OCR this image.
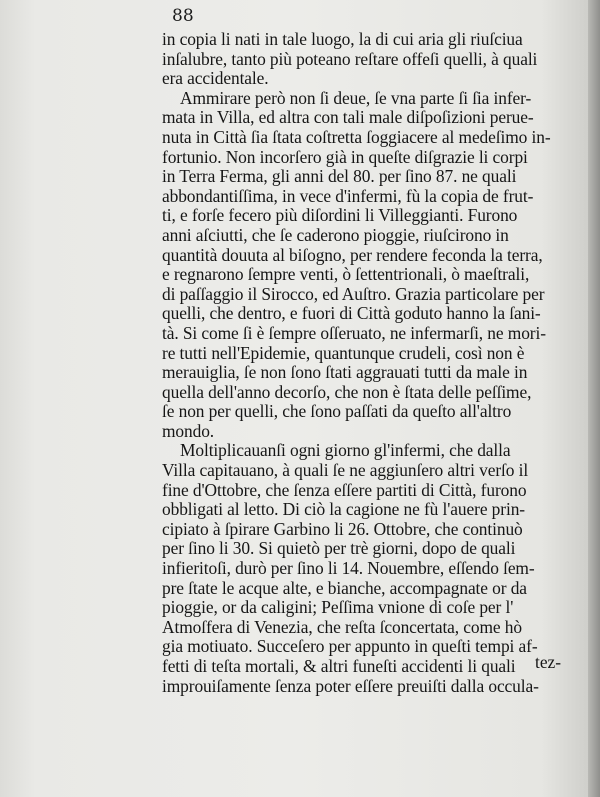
88
in copia li nati in tale luogo, la di cui aria gli riuſciua
inſalubre, tanto più poteano reſtare offeſi quelli, à quali
era accidentale.
Ammirare però non ſi deue, ſe vna parte ſi ſia infer-
mata in Villa, ed altra con tali male diſpoſizioni perue-
nuta in Città ſia ſtata coſtretta ſoggiacere al medeſimo in-
fortunio. Non incorſero già in queſte diſgrazie li corpi
in Terra Ferma, gli anni del 80. per ſino 87. ne quali
abbondantiſſima, in vece d'infermi, fù la copia de frut-
ti, e forſe fecero più diſordini li Villeggianti. Furono
anni aſciutti, che ſe caderono pioggie, riuſcirono in
quantità douuta al biſogno, per rendere feconda la terra,
e regnarono ſempre venti, ò ſettentrionali, ò maeſtrali,
di paſſaggio il Sirocco, ed Auſtro. Grazia particolare per
quelli, che dentro, e fuori di Città goduto hanno la ſani-
tà. Si come ſi è ſempre oſſeruato, ne infermarſi, ne mori-
re tutti nell'Epidemie, quantunque crudeli, così non è
merauiglia, ſe non ſono ſtati aggrauati tutti da male in
quella dell'anno decorſo, che non è ſtata delle peſſime,
ſe non per quelli, che ſono paſſati da queſto all'altro
mondo.
Moltiplicauanſi ogni giorno gl'infermi, che dalla
Villa capitauano, à quali ſe ne aggiunſero altri verſo il
fine d'Ottobre, che ſenza eſſere partiti di Città, furono
obbligati al letto. Di ciò la cagione ne fù l'auere prin-
cipiato à ſpirare Garbino li 26. Ottobre, che continuò
per ſino li 30. Si quietò per trè giorni, dopo de quali
infieritoſi, durò per ſino li 14. Nouembre, eſſendo ſem-
pre ſtate le acque alte, e bianche, accompagnate or da
pioggie, or da caligini; Peſſima vnione di coſe per l'
Atmoſfera di Venezia, che reſta ſconcertata, come hò
gia motiuato. Succeſero per appunto in queſti tempi af-
fetti di teſta mortali, & altri funeſti accidenti li quali
improuiſamente ſenza poter eſſere preuiſti dalla occula-
tez-
